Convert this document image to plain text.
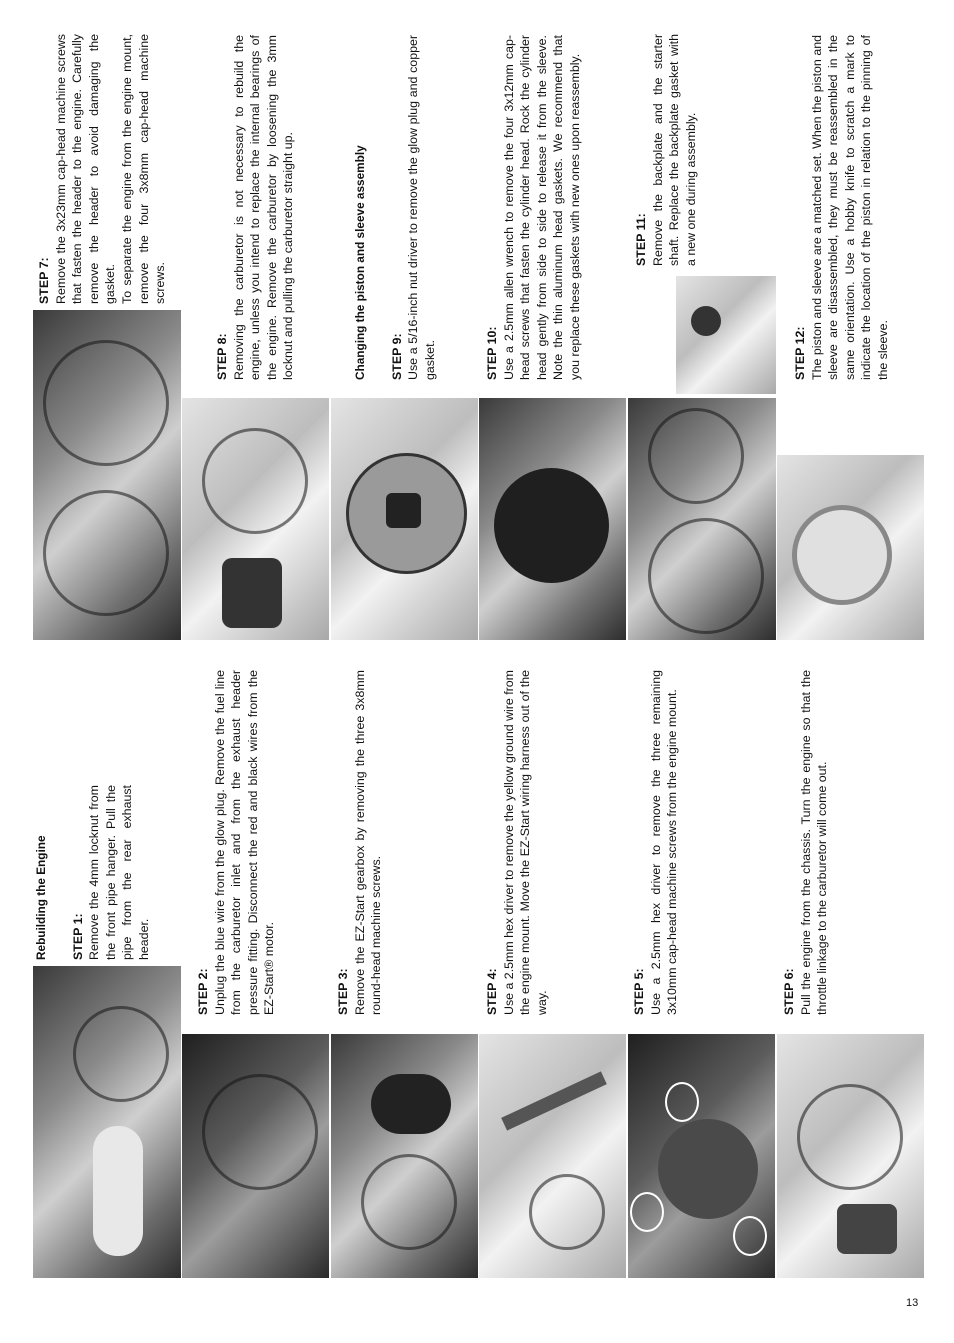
Rebuilding the Engine STEP 1: Remove the 4mm locknut from the front pipe hanger. Pull the pipe from the rear exhaust header.
STEP 2: Unplug the blue wire from the glow plug. Remove the fuel line from the carburetor inlet and from the exhaust header pressure fitting. Disconnect the red and black wires from the EZ-Start® motor.	STEP 3: Remove the EZ-Start gearbox by removing the three 3x8mm round-head machine screws.	STEP 4: Use a 2.5mm hex driver to remove the yellow ground wire from the engine mount. Move the EZ-Start wiring harness out of the way.	STEP 5: Use a 2.5mm hex driver to remove the three remaining 3x10mm cap-head machine screws from the engine mount.	STEP 6: Pull the engine from the chassis. Turn the engine so that the throttle linkage to the carburetor will come out.
STEP 7: Remove the 3x23mm cap-head machine screws that fasten the header to the engine. Carefully remove the header to avoid damaging the gasket. To separate the engine from the engine mount, remove the four 3x8mm cap-head machine screws.
STEP 8: Removing the carburetor is not necessary to rebuild the engine, unless you intend to replace the internal bearings of the engine. Remove the carburetor by loosening the 3mm locknut and pulling the carburetor straight up.	Changing the piston and sleeve assembly STEP 9: Use a 5/16-inch nut driver to remove the glow plug and copper gasket.	STEP 10: Use a 2.5mm allen wrench to remove the four 3x12mm cap-head screws that fasten the cylinder head. Rock the cylinder head gently from side to side to release it from the sleeve. Note the thin aluminum head gaskets. We recommend that you replace these gaskets with new ones upon reassembly.	STEP 11: Remove the backplate and the starter shaft. Replace the backplate gasket with a new one during assembly.
STEP 12: The piston and sleeve are a matched set. When the piston and sleeve are disassembled, they must be reassembled in the same orientation. Use a hobby knife to scratch a mark to indicate the location of the piston in relation to the pinning of the sleeve.
13
